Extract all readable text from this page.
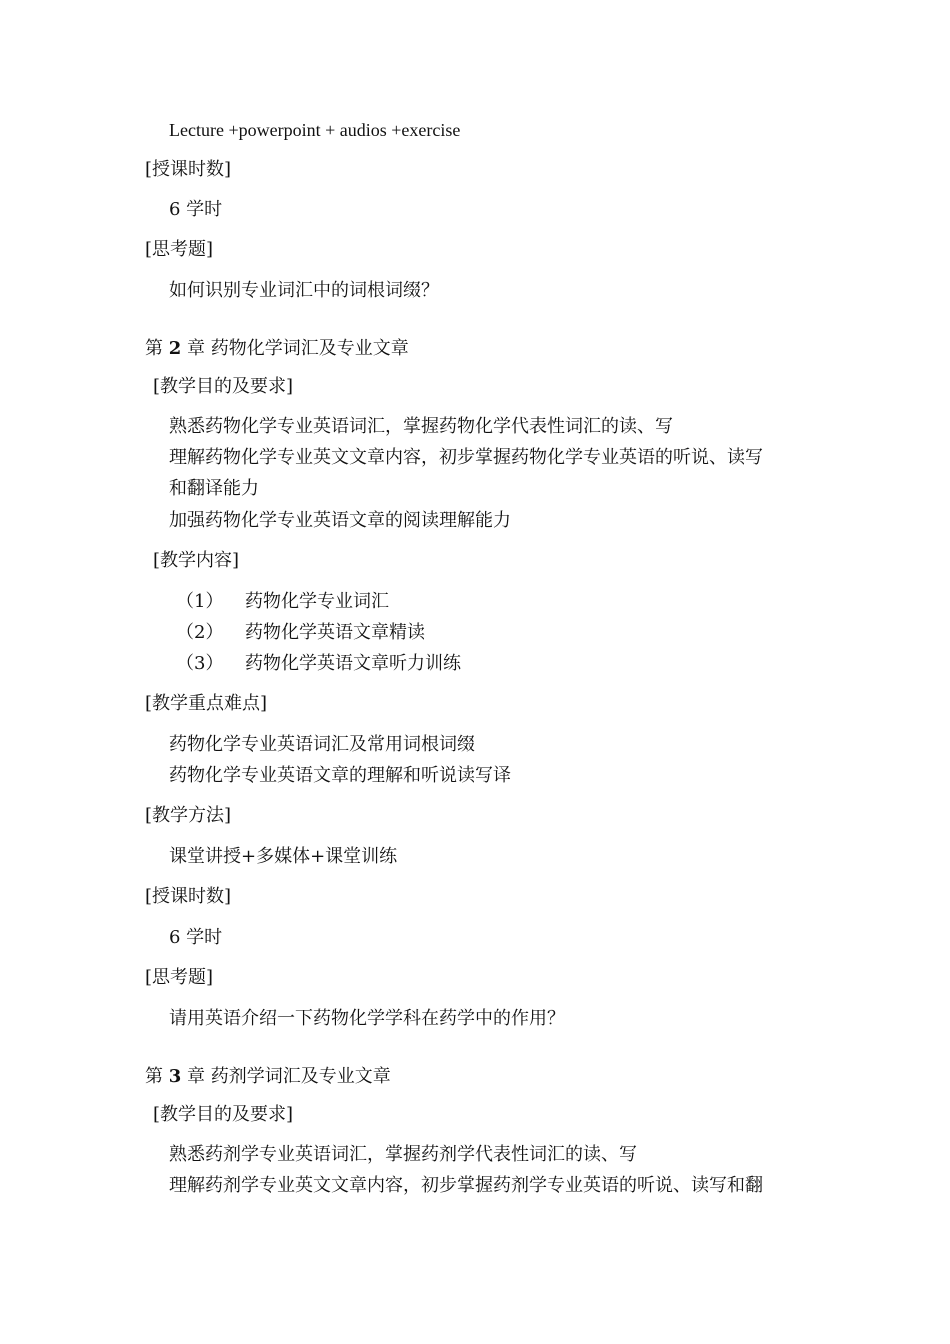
Lecture +powerpoint + audios +exercise
[授课时数]
6 学时
[思考题]
如何识别专业词汇中的词根词缀？
第 2 章 药物化学词汇及专业文章
[教学目的及要求]
熟悉药物化学专业英语词汇，掌握药物化学代表性词汇的读、写
理解药物化学专业英文文章内容，初步掌握药物化学专业英语的听说、读写
和翻译能力
加强药物化学专业英语文章的阅读理解能力
[教学内容]
（1） 药物化学专业词汇
（2） 药物化学英语文章精读
（3） 药物化学英语文章听力训练
[教学重点难点]
药物化学专业英语词汇及常用词根词缀
药物化学专业英语文章的理解和听说读写译
[教学方法]
课堂讲授+多媒体+课堂训练
[授课时数]
6 学时
[思考题]
请用英语介绍一下药物化学学科在药学中的作用？
第 3 章 药剂学词汇及专业文章
[教学目的及要求]
熟悉药剂学专业英语词汇，掌握药剂学代表性词汇的读、写
理解药剂学专业英文文章内容，初步掌握药剂学专业英语的听说、读写和翻
